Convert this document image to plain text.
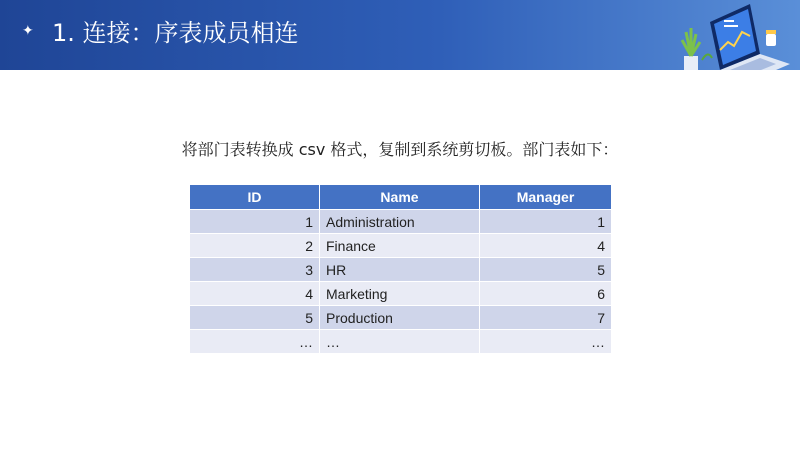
✦ 1. 连接：序表成员相连
将部门表转换成 csv 格式，复制到系统剪切板。部门表如下：
ID	Name	Manager
1	Administration	1
2	Finance	4
3	HR	5
4	Marketing	6
5	Production	7
…	…	…
